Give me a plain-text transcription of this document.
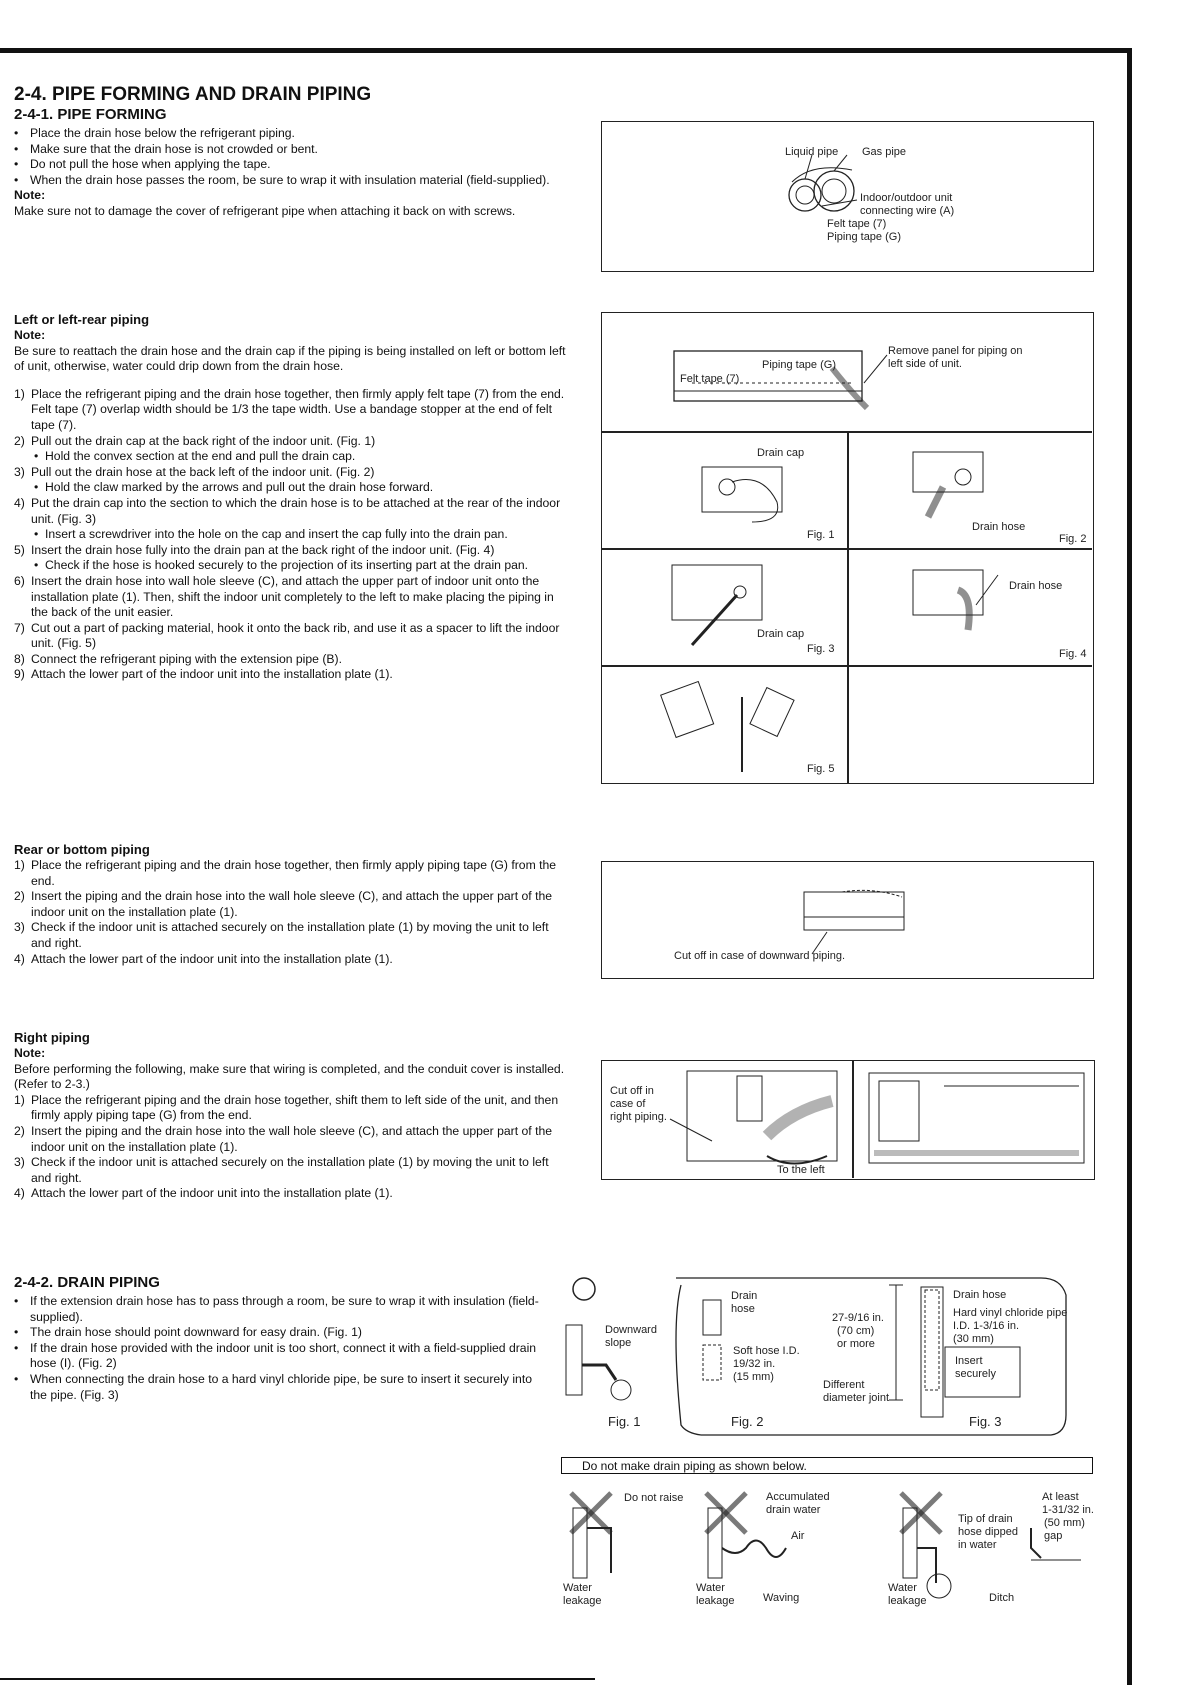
2-4. PIPE FORMING AND DRAIN PIPING
2-4-1. PIPE FORMING
• Place the drain hose below the refrigerant piping.
• Make sure that the drain hose is not crowded or bent.
• Do not pull the hose when applying the tape.
• When the drain hose passes the room, be sure to wrap it with insulation material (field-supplied).
Note:
Make sure not to damage the cover of refrigerant pipe when attaching it back on with screws.
Liquid pipe Gas pipe
Indoor/outdoor unit
connecting wire (A)
Felt tape (7)
Piping tape (G)
Left or left-rear piping
Note:
Be sure to reattach the drain hose and the drain cap if the piping is being installed on left or bottom left of unit, otherwise, water could drip down from the drain hose.
1) Place the refrigerant piping and the drain hose together, then firmly apply felt tape (7) from the end.
Felt tape (7) overlap width should be 1/3 the tape width. Use a bandage stopper at the end of felt tape (7).
2) Pull out the drain cap at the back right of the indoor unit. (Fig. 1)
• Hold the convex section at the end and pull the drain cap.
3) Pull out the drain hose at the back left of the indoor unit. (Fig. 2)
• Hold the claw marked by the arrows and pull out the drain hose forward.
4) Put the drain cap into the section to which the drain hose is to be attached at the rear of the indoor unit. (Fig. 3)
• Insert a screwdriver into the hole on the cap and insert the cap fully into the drain pan.
5) Insert the drain hose fully into the drain pan at the back right of the indoor unit. (Fig. 4)
• Check if the hose is hooked securely to the projection of its inserting part at the drain pan.
6) Insert the drain hose into wall hole sleeve (C), and attach the upper part of indoor unit onto the installation plate (1). Then, shift the indoor unit completely to the left to make placing the piping in the back of the unit easier.
7) Cut out a part of packing material, hook it onto the back rib, and use it as a spacer to lift the indoor unit. (Fig. 5)
8) Connect the refrigerant piping with the extension pipe (B).
9) Attach the lower part of the indoor unit into the installation plate (1).
Remove panel for piping on
left side of unit.
Piping tape (G)
Felt tape (7)
Drain cap
Fig. 1
Drain hose
Fig. 2
Drain cap
Fig. 3
Drain hose
Fig. 4
Fig. 5
Rear or bottom piping
1) Place the refrigerant piping and the drain hose together, then firmly apply piping tape (G) from the end.
2) Insert the piping and the drain hose into the wall hole sleeve (C), and attach the upper part of the indoor unit on the installation plate (1).
3) Check if the indoor unit is attached securely on the installation plate (1) by moving the unit to left and right.
4) Attach the lower part of the indoor unit into the installation plate (1).	Cut off in case of downward piping.
Right piping
Note:
Before performing the following, make sure that wiring is completed, and the conduit cover is installed. (Refer to 2-3.)
1) Place the refrigerant piping and the drain hose together, shift them to left side of the unit, and then firmly apply piping tape (G) from the end.
2) Insert the piping and the drain hose into the wall hole sleeve (C), and attach the upper part of the indoor unit on the installation plate (1).
3) Check if the indoor unit is attached securely on the installation plate (1) by moving the unit to left and right.
4) Attach the lower part of the indoor unit into the installation plate (1).
Cut off in
case of
right piping.
To the left
2-4-2. DRAIN PIPING
• If the extension drain hose has to pass through a room, be sure to wrap it with insulation (field-supplied).
• The drain hose should point downward for easy drain. (Fig. 1)
• If the drain hose provided with the indoor unit is too short, connect it with a field-supplied drain hose (I). (Fig. 2)
• When connecting the drain hose to a hard vinyl chloride pipe, be sure to insert it securely into the pipe. (Fig. 3)
Downward
slope
Drain
hose
Soft hose I.D.
19/32 in.
(15 mm)
27-9/16 in.
(70 cm)
or more
Different
diameter joint
Drain hose
Hard vinyl chloride pipe
I.D. 1-3/16 in.
(30 mm)
Insert
securely
Fig. 1	Fig. 2	Fig. 3
Do not make drain piping as shown below.
Do not raise
Water
leakage
Accumulated
drain water
Air
Water
leakage	Waving
Tip of drain
hose dipped
in water
At least
1-31/32 in.
(50 mm)
gap
Water
leakage	Ditch
